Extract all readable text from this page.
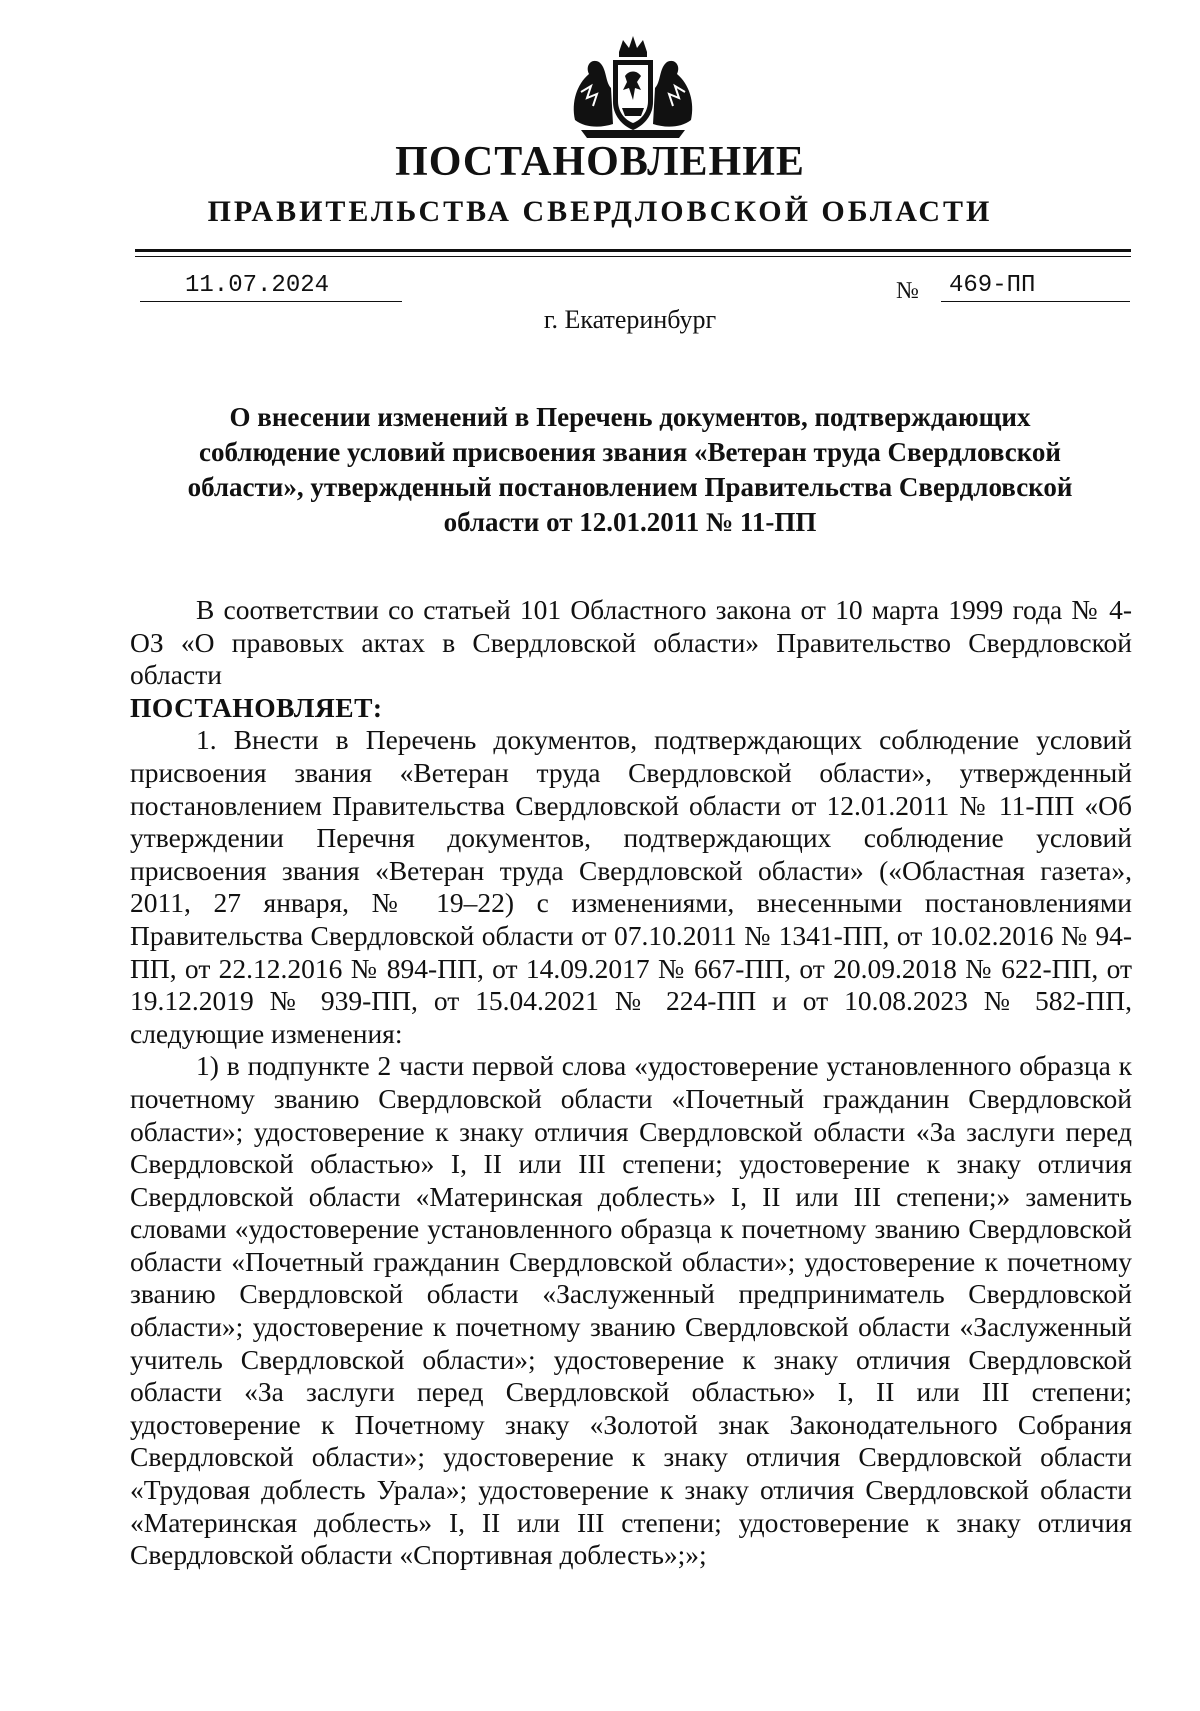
ПОСТАНОВЛЕНИЕ
ПРАВИТЕЛЬСТВА СВЕРДЛОВСКОЙ ОБЛАСТИ
11.07.2024	№	469-ПП
г. Екатеринбург
О внесении изменений в Перечень документов, подтверждающих соблюдение условий присвоения звания «Ветеран труда Свердловской области», утвержденный постановлением Правительства Свердловской области от 12.01.2011 № 11-ПП

В соответствии со статьей 101 Областного закона от 10 марта 1999 года № 4-ОЗ «О правовых актах в Свердловской области» Правительство Свердловской области

ПОСТАНОВЛЯЕТ:

1. Внести в Перечень документов, подтверждающих соблюдение условий присвоения звания «Ветеран труда Свердловской области», утвержденный постановлением Правительства Свердловской области от 12.01.2011 № 11-ПП «Об утверждении Перечня документов, подтверждающих соблюдение условий присвоения звания «Ветеран труда Свердловской области» («Областная газета», 2011, 27 января, № 19–22) с изменениями, внесенными постановлениями Правительства Свердловской области от 07.10.2011 № 1341-ПП, от 10.02.2016 № 94-ПП, от 22.12.2016 № 894-ПП, от 14.09.2017 № 667-ПП, от 20.09.2018 № 622-ПП, от 19.12.2019 № 939-ПП, от 15.04.2021 № 224-ПП и от 10.08.2023 № 582-ПП, следующие изменения:

1) в подпункте 2 части первой слова «удостоверение установленного образца к почетному званию Свердловской области «Почетный гражданин Свердловской области»; удостоверение к знаку отличия Свердловской области «За заслуги перед Свердловской областью» I, II или III степени; удостоверение к знаку отличия Свердловской области «Материнская доблесть» I, II или III степени;» заменить словами «удостоверение установленного образца к почетному званию Свердловской области «Почетный гражданин Свердловской области»; удостоверение к почетному званию Свердловской области «Заслуженный предприниматель Свердловской области»; удостоверение к почетному званию Свердловской области «Заслуженный учитель Свердловской области»; удостоверение к знаку отличия Свердловской области «За заслуги перед Свердловской областью» I, II или III степени; удостоверение к Почетному знаку «Золотой знак Законодательного Собрания Свердловской области»; удостоверение к знаку отличия Свердловской области «Трудовая доблесть Урала»; удостоверение к знаку отличия Свердловской области «Материнская доблесть» I, II или III степени; удостоверение к знаку отличия Свердловской области «Спортивная доблесть»;»;
